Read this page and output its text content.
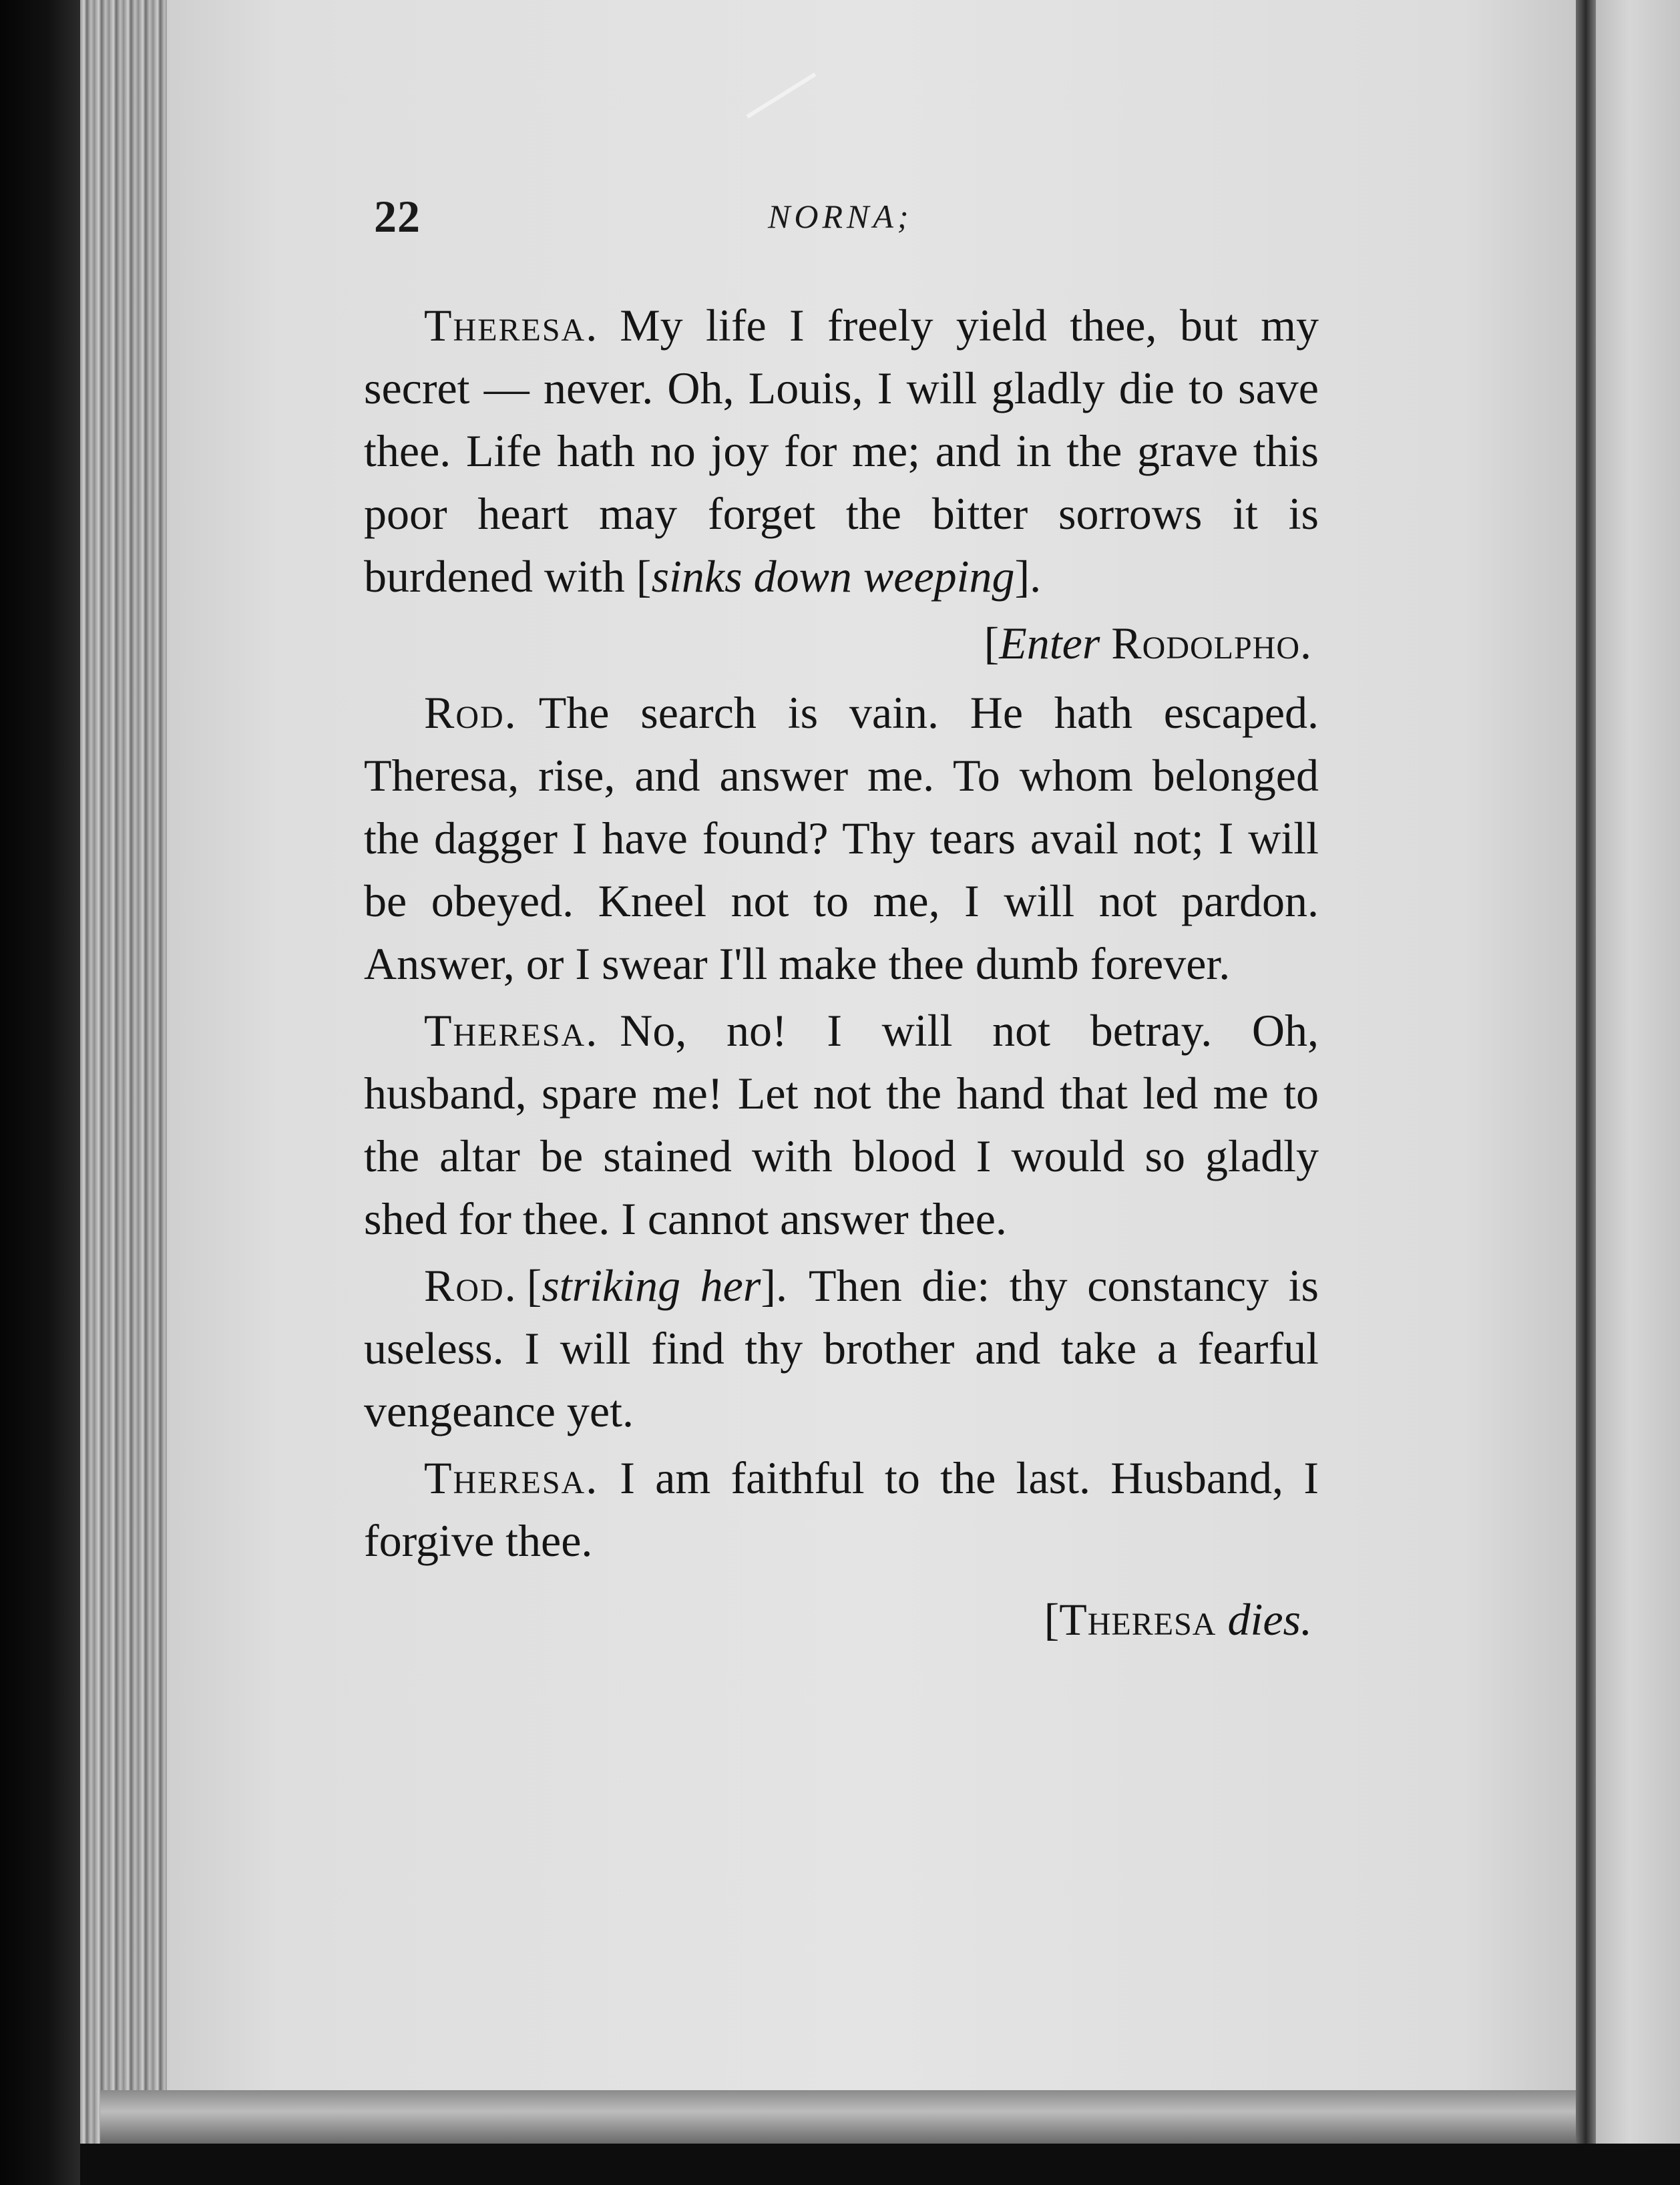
22	NORNA;

Theresa. My life I freely yield thee, but my secret — never. Oh, Louis, I will gladly die to save thee. Life hath no joy for me; and in the grave this poor heart may forget the bitter sorrows it is burdened with [sinks down weeping].

[Enter Rodolpho.

Rod. The search is vain. He hath escaped. Theresa, rise, and answer me. To whom belonged the dagger I have found? Thy tears avail not; I will be obeyed. Kneel not to me, I will not pardon. Answer, or I swear I'll make thee dumb forever.

Theresa. No, no! I will not betray. Oh, husband, spare me! Let not the hand that led me to the altar be stained with blood I would so gladly shed for thee. I cannot answer thee.

Rod. [striking her]. Then die: thy constancy is useless. I will find thy brother and take a fearful vengeance yet.

Theresa. I am faithful to the last. Husband, I forgive thee.

[Theresa dies.
